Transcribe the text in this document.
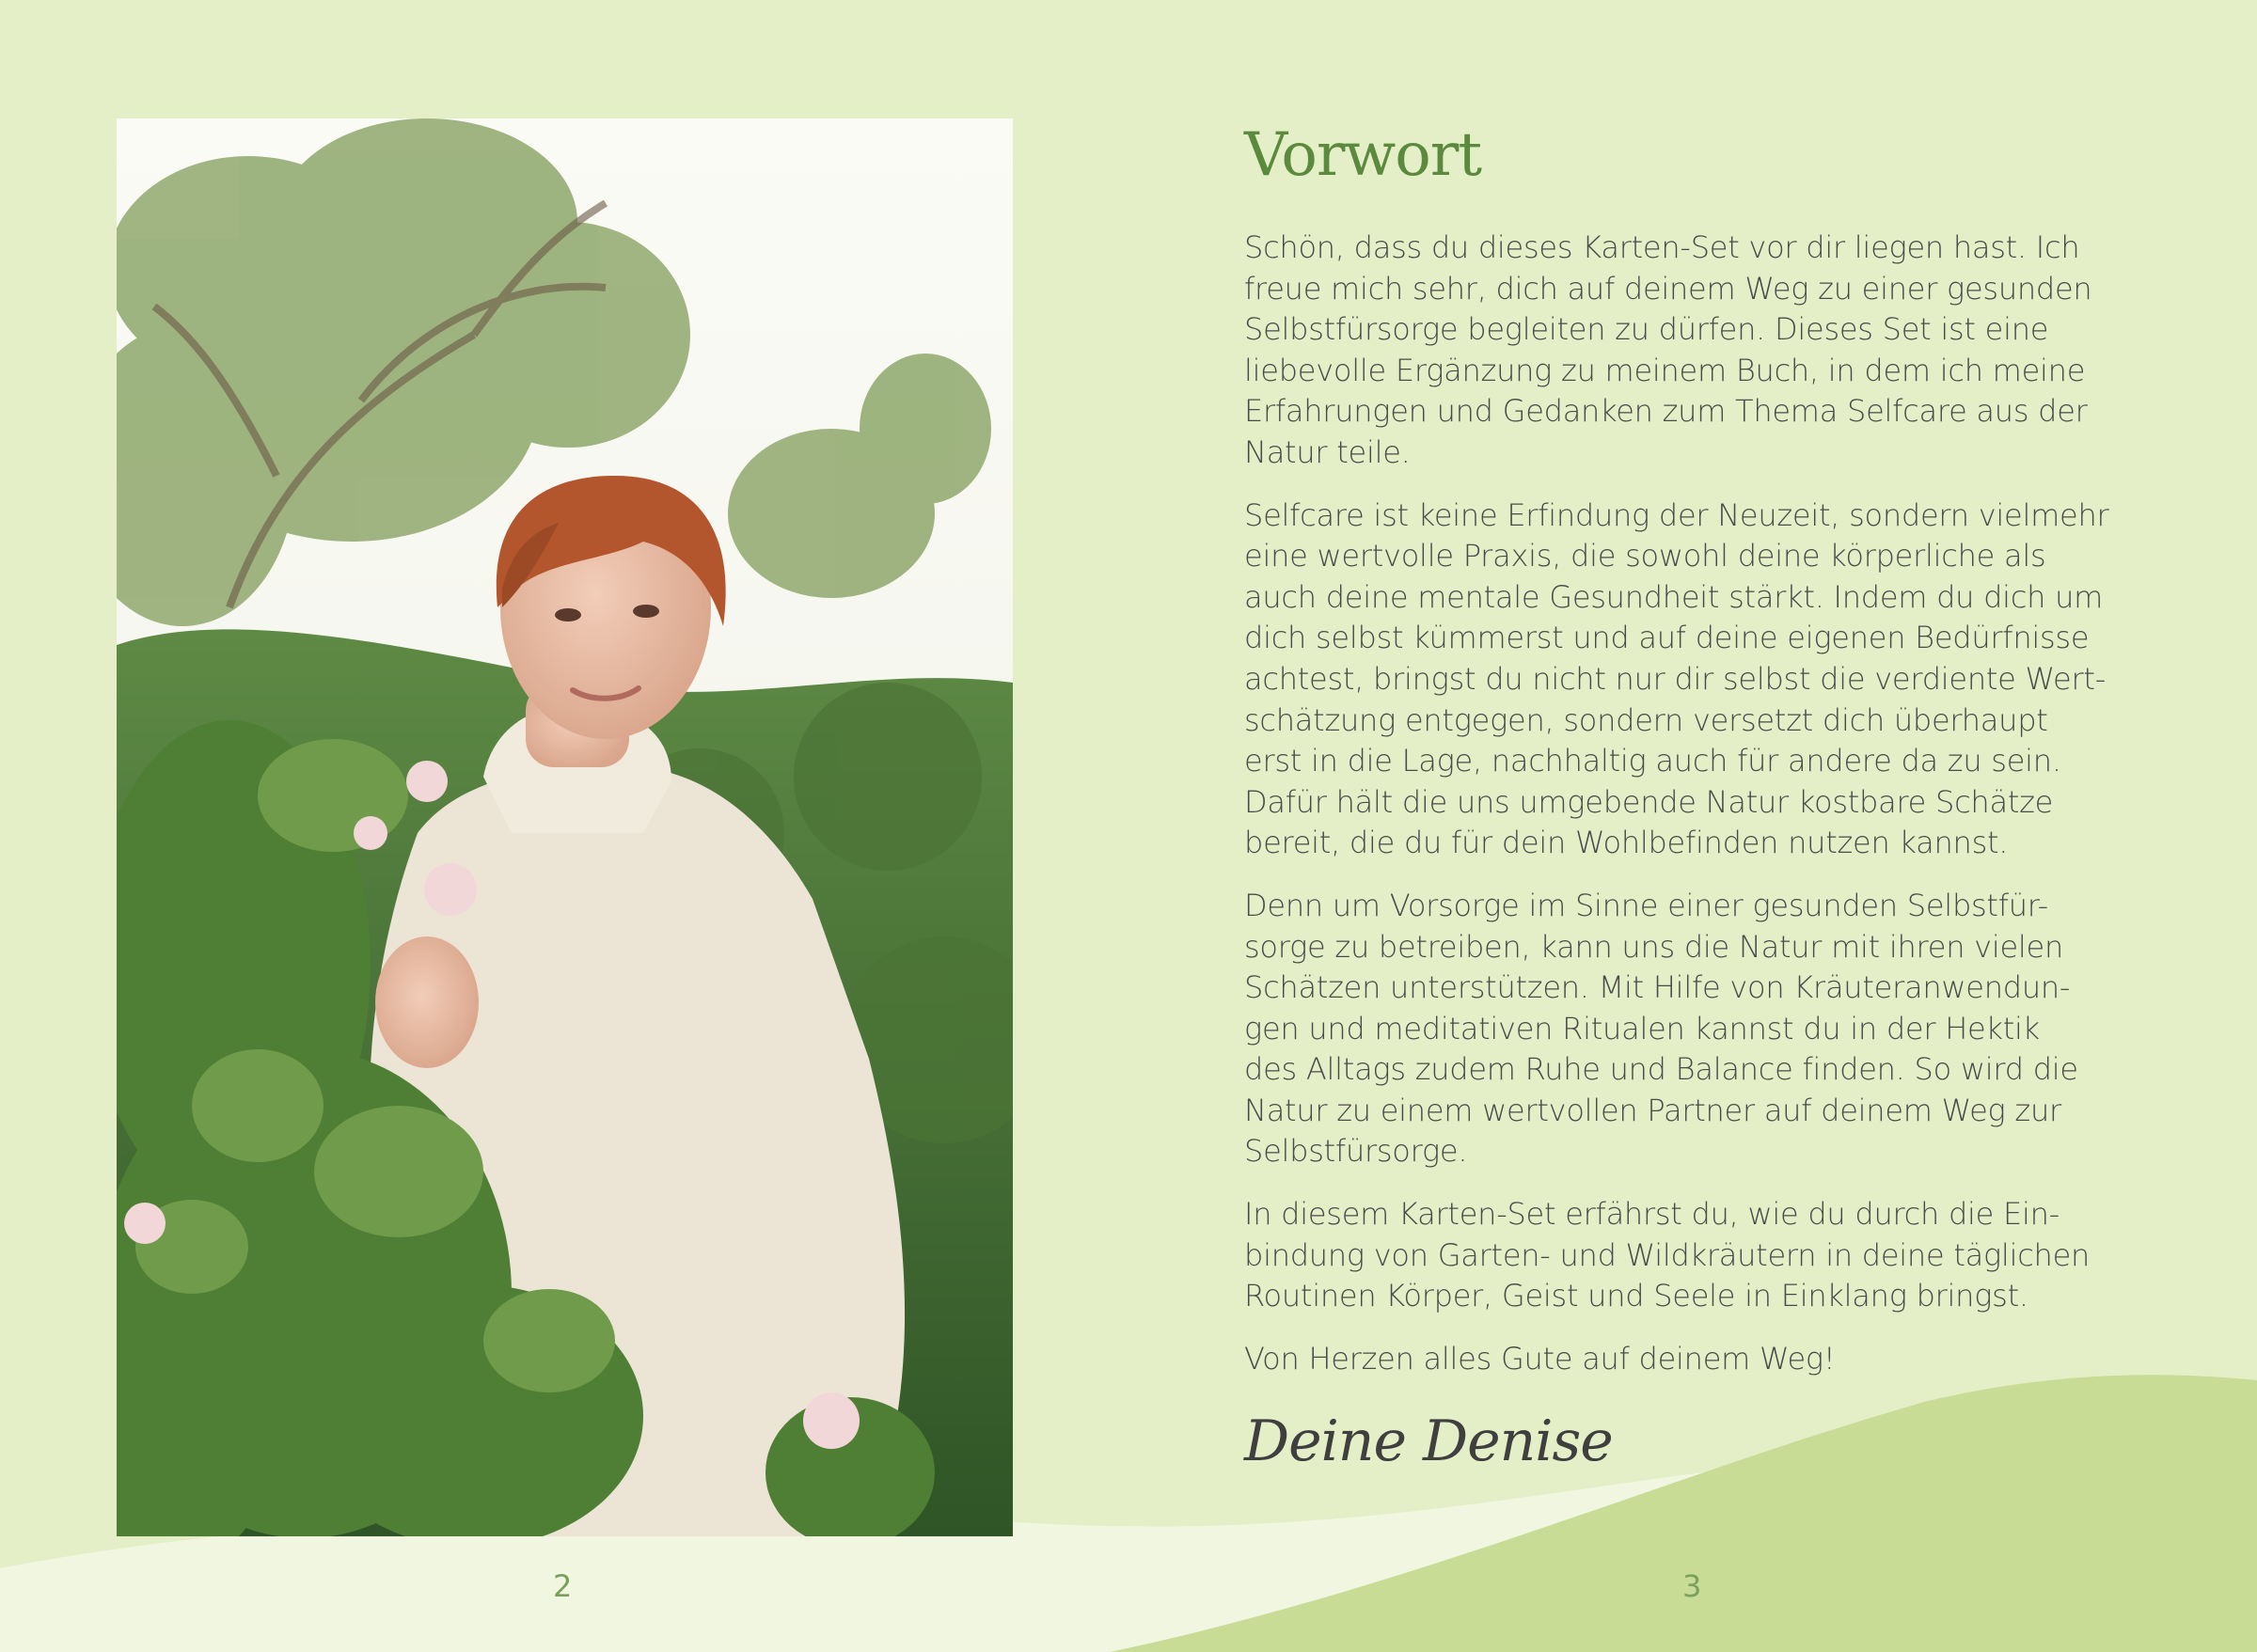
Vorwort

Schön, dass du dieses Karten-Set vor dir liegen hast. Ich
freue mich sehr, dich auf deinem Weg zu einer gesunden
Selbstfürsorge begleiten zu dürfen. Dieses Set ist eine
liebevolle Ergänzung zu meinem Buch, in dem ich meine
Erfahrungen und Gedanken zum Thema Selfcare aus der
Natur teile.

Selfcare ist keine Erfindung der Neuzeit, sondern vielmehr
eine wertvolle Praxis, die sowohl deine körperliche als
auch deine mentale Gesundheit stärkt. Indem du dich um
dich selbst kümmerst und auf deine eigenen Bedürfnisse
achtest, bringst du nicht nur dir selbst die verdiente Wert-
schätzung entgegen, sondern versetzt dich überhaupt
erst in die Lage, nachhaltig auch für andere da zu sein.
Dafür hält die uns umgebende Natur kostbare Schätze
bereit, die du für dein Wohlbefinden nutzen kannst.

Denn um Vorsorge im Sinne einer gesunden Selbstfür-
sorge zu betreiben, kann uns die Natur mit ihren vielen
Schätzen unterstützen. Mit Hilfe von Kräuteranwendun-
gen und meditativen Ritualen kannst du in der Hektik
des Alltags zudem Ruhe und Balance finden. So wird die
Natur zu einem wertvollen Partner auf deinem Weg zur
Selbstfürsorge.

In diesem Karten-Set erfährst du, wie du durch die Ein-
bindung von Garten- und Wildkräutern in deine täglichen
Routinen Körper, Geist und Seele in Einklang bringst.

Von Herzen alles Gute auf deinem Weg!

Deine Denise
2	3
